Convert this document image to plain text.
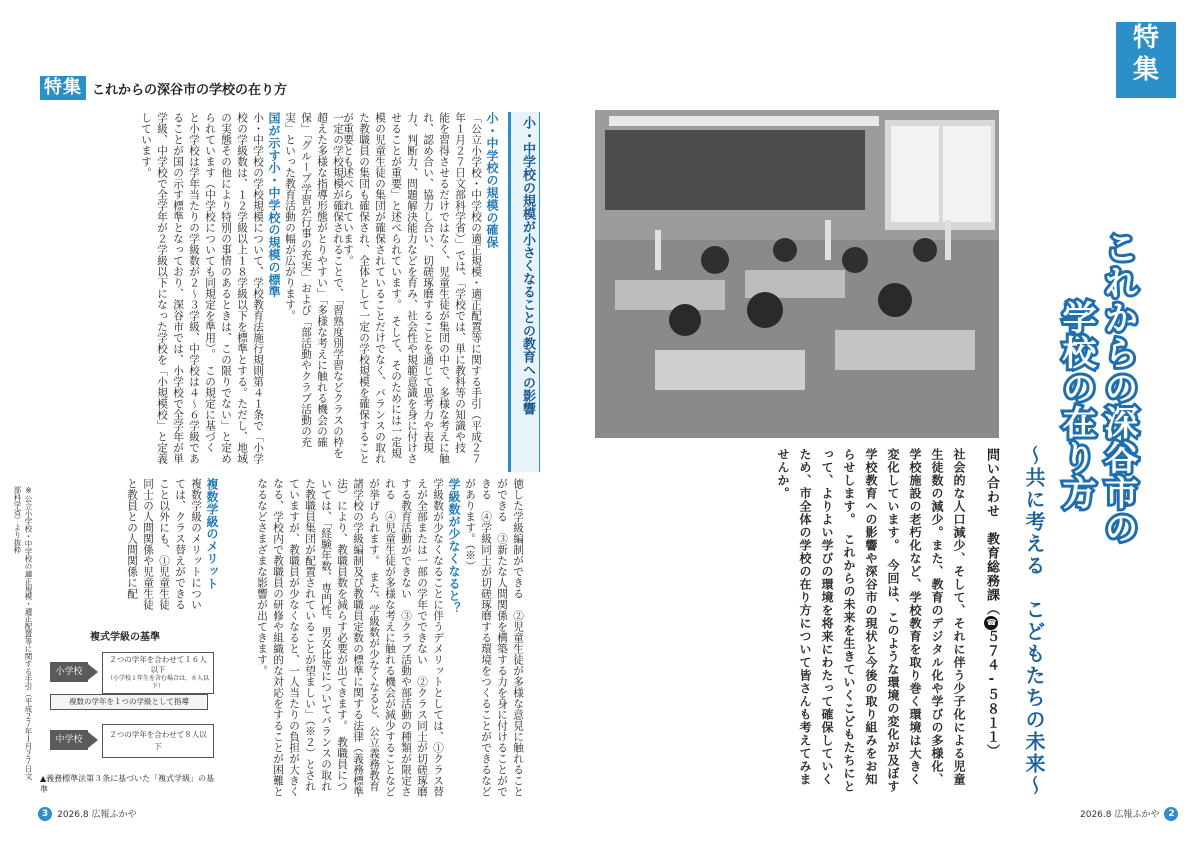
特集 これからの深谷市の学校の在り方
小・中学校の規模が小さくなることの教育への影響
小・中学校の規模の確保
「公立小学校・中学校の適正規模・適正配置等に関する手引（平成２７年１月２７日文部科学省）」では、「学校では、単に教科等の知識や技能を習得させるだけではなく、児童生徒が集団の中で、多様な考えに触れ、認め合い、協力し合い、切磋琢磨することを通じて思考力や表現力、判断力、問題解決能力などを育み、社会性や規範意識を身に付けさせることが重要」と述べられています。　そして、そのためには一定規模の児童生徒の集団が確保されていることだけでなく、バランスの取れた教職員の集団も確保され、全体として一定の学校規模を確保することが重要とも述べられています。
一定の学校規模が確保されることで、「習熟度別学習などクラスの枠を超えた多様な指導形態がとりやすい」「多様な考えに触れる機会の確保」「グループ学習が行事の充実」および「部活動やクラブ活動の充実」といった教育活動の幅が広がります。
国が示す小・中学校の規模の標準
小・中学校の学校規模について、学校教育法施行規則第４１条で「小学校の学級数は、１２学級以上１８学級以下を標準とする。ただし、地域の実態その他により特別の事情のあるときは、この限りでない」と定められています（中学校についても同規定を準用）。　この規定に基づくと小学校は学年当たりの学級数が２〜３学級、中学校は４〜６学級であることが国の示す標準となっており、深谷市では、小学校で全学年が単学級、中学校で全学年が２学級以下になった学校を「小規模校」と定義しています。
徳した学級編制ができる　②児童生徒が多様な意見に触れることができる　③新たな人間関係を構築する力を身に付けることができる　④学級同士が切磋琢磨する環境をつくることができるなどがあります。（※）
学級数が少なくなると？
学級数が少なくなることに伴うデメリットとしては、①クラス替えが全部または一部の学年でできない　②クラス同士が切磋琢磨する教育活動ができない　③クラブ活動や部活動の種類が限定される　④児童生徒が多様な考えに触れる機会が減少することなどが挙げられます。　また、学級数が少なくなると、公立義務教育諸学校の学級編制及び教職員定数の標準に関する法律（義務標準法）により、教職員数を減らす必要が出てきます。　教職員については、「経験年数、専門性、男女比等についてバランスの取れた教職員集団が配置されていることが望ましい」（※２）とされていますが、教職員が少なくなると、一人当たりの負担が大きくなる、学校内で教職員の研修や組織的な対応をすることが困難となるなどさまざまな影響が出てきます。
複数学級のメリット
複数学級のメリットについては、クラス替えができること以外にも、①児童生徒同士の人間関係や児童生徒と教員との人間関係に配
※公立小学校・中学校の適正規模・適正配置等に関する手引（平成２７年１月２７日文部科学省）より抜粋
複式学級の基準
小学校
２つの学年を合わせて１６人以下
（小学校１年生を含む場合は、８人以下）
複数の学年を１つの学級として指導
中学校
２つの学年を合わせて８人以下
▲義務標準法第３条に基づいた「複式学級」の基準
3 2026.8 広報ふかや
特
集
これからの深谷市の
学校の在り方
〜共に考える　こどもたちの未来〜
問い合わせ　教育総務課（☎５７４-５８１１）
社会的な人口減少、そして、それに伴う少子化による児童生徒数の減少。また、教育のデジタル化や学びの多様化、学校施設の老朽化など、学校教育を取り巻く環境は大きく変化しています。　今回は、このような環境の変化が及ぼす学校教育への影響や深谷市の現状と今後の取り組みをお知らせします。　これからの未来を生きていくこどもたちにとって、よりよい学びの環境を将来にわたって確保していくため、市全体の学校の在り方について皆さんも考えてみませんか。
2026.8 広報ふかや 2
